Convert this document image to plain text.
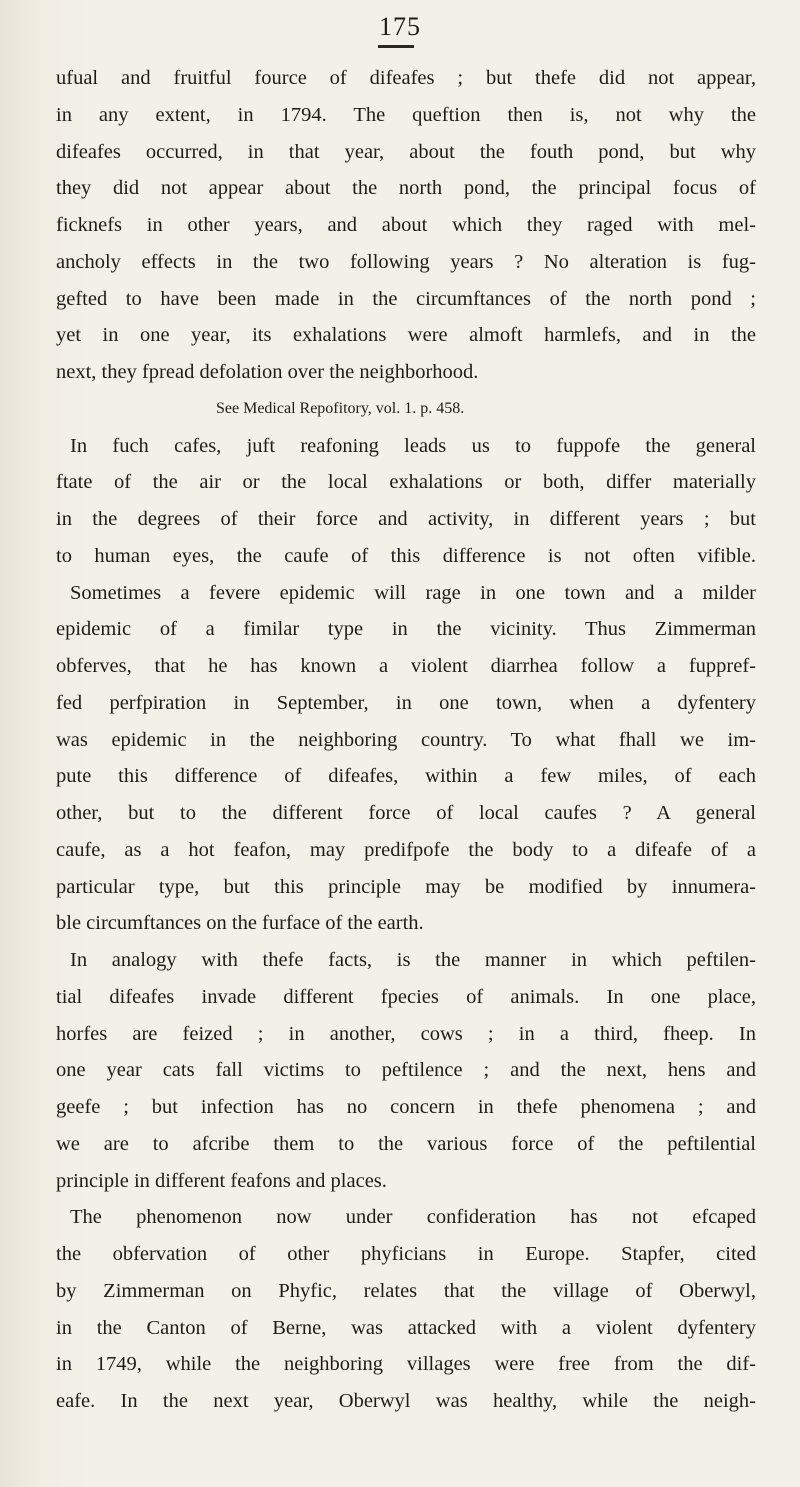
175
ufual and fruitful fource of difeafes ; but thefe did not appear,
in any extent, in 1794. The queftion then is, not why the
difeafes occurred, in that year, about the fouth pond, but why
they did not appear about the north pond, the principal focus of
ficknefs in other years, and about which they raged with mel-
ancholy effects in the two following years ? No alteration is fug-
gefted to have been made in the circumftances of the north pond ;
yet in one year, its exhalations were almoft harmlefs, and in the
next, they fpread defolation over the neighborhood.
See Medical Repofitory, vol. 1. p. 458.
In fuch cafes, juft reafoning leads us to fuppofe the general
ftate of the air or the local exhalations or both, differ materially
in the degrees of their force and activity, in different years ; but
to human eyes, the caufe of this difference is not often vifible.
Sometimes a fevere epidemic will rage in one town and a milder
epidemic of a fimilar type in the vicinity. Thus Zimmerman
obferves, that he has known a violent diarrhea follow a fuppref-
fed perfpiration in September, in one town, when a dyfentery
was epidemic in the neighboring country. To what fhall we im-
pute this difference of difeafes, within a few miles, of each
other, but to the different force of local caufes ? A general
caufe, as a hot feafon, may predifpofe the body to a difeafe of a
particular type, but this principle may be modified by innumera-
ble circumftances on the furface of the earth.
In analogy with thefe facts, is the manner in which peftilen-
tial difeafes invade different fpecies of animals. In one place,
horfes are feized ; in another, cows ; in a third, fheep. In
one year cats fall victims to peftilence ; and the next, hens and
geefe ; but infection has no concern in thefe phenomena ; and
we are to afcribe them to the various force of the peftilential
principle in different feafons and places.
The phenomenon now under confideration has not efcaped
the obfervation of other phyficians in Europe. Stapfer, cited
by Zimmerman on Phyfic, relates that the village of Oberwyl,
in the Canton of Berne, was attacked with a violent dyfentery
in 1749, while the neighboring villages were free from the dif-
eafe. In the next year, Oberwyl was healthy, while the neigh-
